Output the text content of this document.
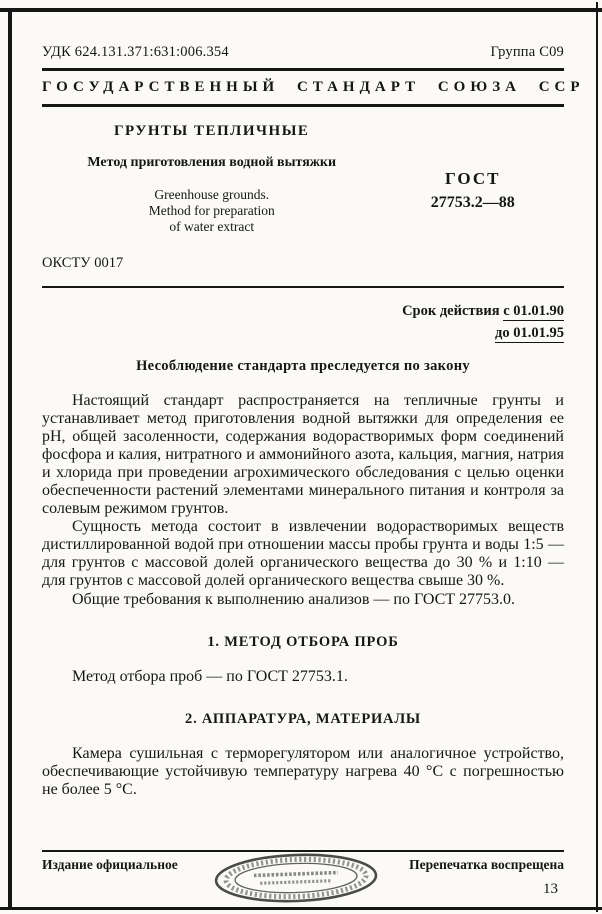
УДК 624.131.371:631:006.354	Группа С09
ГОСУДАРСТВЕННЫЙ СТАНДАРТ СОЮЗА ССР
ГРУНТЫ ТЕПЛИЧНЫЕ
Метод приготовления водной вытяжки
Greenhouse grounds.
Method for preparation
of water extract
ГОСТ
27753.2—88
ОКСТУ 0017
Срок действия с 01.01.90
до 01.01.95
Несоблюдение стандарта преследуется по закону

Настоящий стандарт распространяется на тепличные грунты и устанавливает метод приготовления водной вытяжки для определения ее рН, общей засоленности, содержания водорастворимых форм соединений фосфора и калия, нитратного и аммонийного азота, кальция, магния, натрия и хлорида при проведении агрохимического обследования с целью оценки обеспеченности растений элементами минерального питания и контроля за солевым режимом грунтов.

Сущность метода состоит в извлечении водорастворимых веществ дистиллированной водой при отношении массы пробы грунта и воды 1:5 — для грунтов с массовой долей органического вещества до 30 % и 1:10 — для грунтов с массовой долей органического вещества свыше 30 %.

Общие требования к выполнению анализов — по ГОСТ 27753.0.

1. МЕТОД ОТБОРА ПРОБ

Метод отбора проб — по ГОСТ 27753.1.

2. АППАРАТУРА, МАТЕРИАЛЫ

Камера сушильная с терморегулятором или аналогичное устройство, обеспечивающие устойчивую температуру нагрева 40 °С с погрешностью не более 5 °С.

Издание официальное	Перепечатка воспрещена
13
